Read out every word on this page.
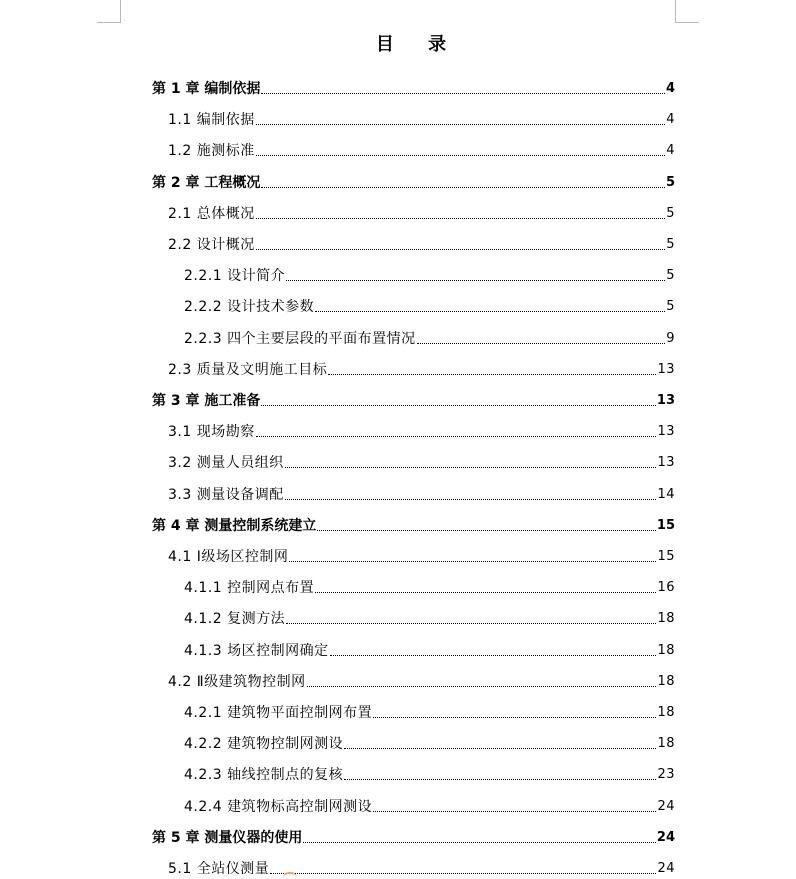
目 录
第 1 章 编制依据	4
1.1 编制依据	4
1.2 施测标准	4
第 2 章 工程概况	5
2.1 总体概况	5
2.2 设计概况	5
2.2.1 设计简介	5
2.2.2 设计技术参数	5
2.2.3 四个主要层段的平面布置情况	9
2.3 质量及文明施工目标	13
第 3 章 施工准备	13
3.1 现场勘察	13
3.2 测量人员组织	13
3.3 测量设备调配	14
第 4 章 测量控制系统建立	15
4.1 Ⅰ级场区控制网	15
4.1.1 控制网点布置	16
4.1.2 复测方法	18
4.1.3 场区控制网确定	18
4.2 Ⅱ级建筑物控制网	18
4.2.1 建筑物平面控制网布置	18
4.2.2 建筑物控制网测设	18
4.2.3 轴线控制点的复核	23
4.2.4 建筑物标高控制网测设	24
第 5 章 测量仪器的使用	24
5.1 全站仪测量	24
